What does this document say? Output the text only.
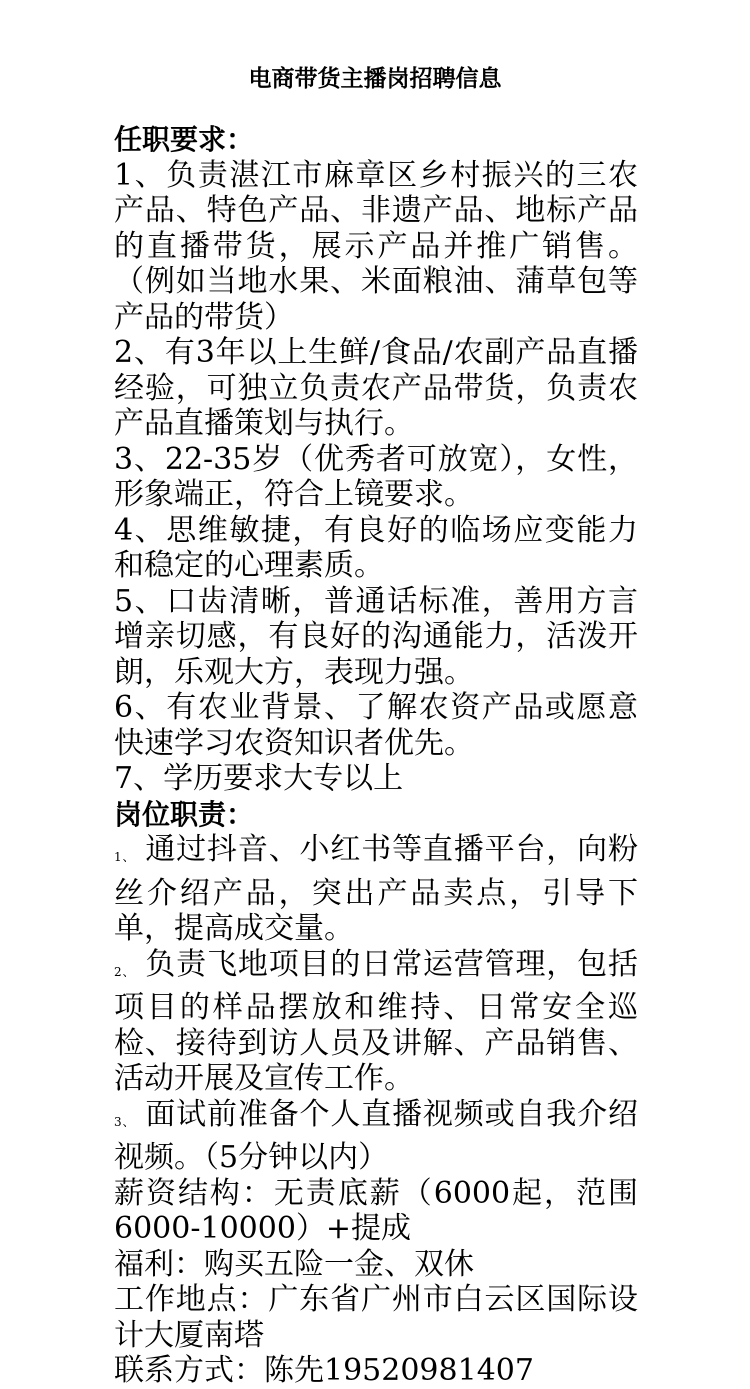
电商带货主播岗招聘信息
任职要求：

1、负责湛江市麻章区乡村振兴的三农产品、特色产品、非遗产品、地标产品的直播带货，展示产品并推广销售。（例如当地水果、米面粮油、蒲草包等产品的带货）

2、有3年以上生鲜/食品/农副产品直播经验，可独立负责农产品带货，负责农产品直播策划与执行。

3、22-35岁（优秀者可放宽），女性，形象端正，符合上镜要求。

4、思维敏捷，有良好的临场应变能力和稳定的心理素质。

5、口齿清晰，普通话标准，善用方言增亲切感，有良好的沟通能力，活泼开朗，乐观大方，表现力强。

6、有农业背景、了解农资产品或愿意快速学习农资知识者优先。

7、学历要求大专以上

岗位职责：

1、 通过抖音、小红书等直播平台，向粉丝介绍产品，突出产品卖点，引导下单，提高成交量。

2、 负责飞地项目的日常运营管理，包括项目的样品摆放和维持、日常安全巡检、接待到访人员及讲解、产品销售、活动开展及宣传工作。

3、 面试前准备个人直播视频或自我介绍视频。（5分钟以内）

薪资结构：无责底薪（6000起，范围6000-10000）+提成

福利：购买五险一金、双休

工作地点：广东省广州市白云区国际设计大厦南塔

联系方式：陈先19520981407
